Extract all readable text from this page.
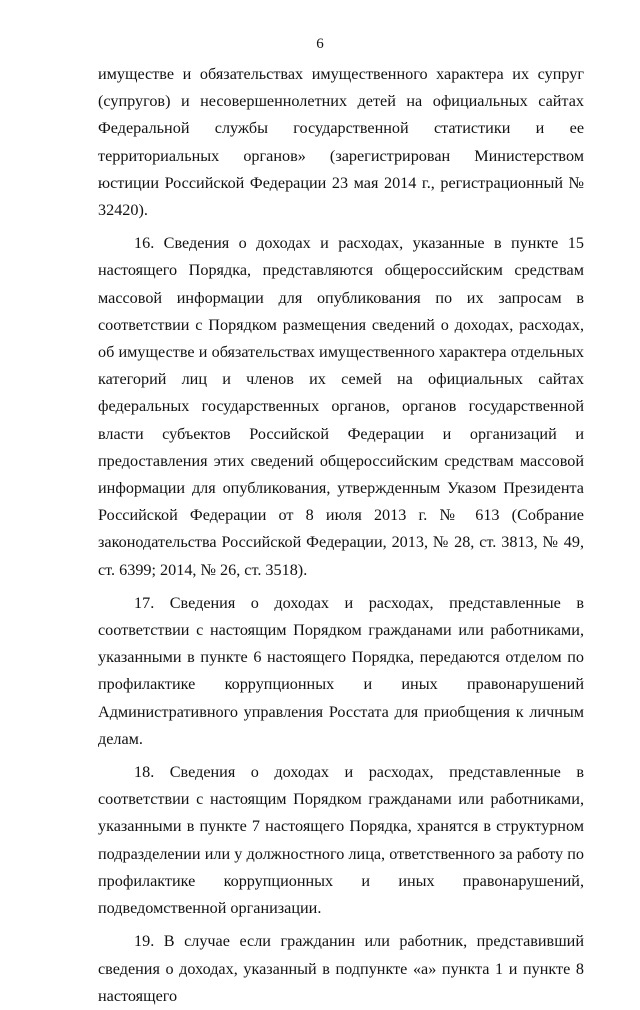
6

имуществе и обязательствах имущественного характера их супруг (супругов) и несовершеннолетних детей на официальных сайтах Федеральной службы государственной статистики и ее территориальных органов» (зарегистрирован Министерством юстиции Российской Федерации 23 мая 2014 г., регистрационный № 32420).

16. Сведения о доходах и расходах, указанные в пункте 15 настоящего Порядка, представляются общероссийским средствам массовой информации для опубликования по их запросам в соответствии с Порядком размещения сведений о доходах, расходах, об имуществе и обязательствах имущественного характера отдельных категорий лиц и членов их семей на официальных сайтах федеральных государственных органов, органов государственной власти субъектов Российской Федерации и организаций и предоставления этих сведений общероссийским средствам массовой информации для опубликования, утвержденным Указом Президента Российской Федерации от 8 июля 2013 г. № 613 (Собрание законодательства Российской Федерации, 2013, № 28, ст. 3813, № 49, ст. 6399; 2014, № 26, ст. 3518).

17. Сведения о доходах и расходах, представленные в соответствии с настоящим Порядком гражданами или работниками, указанными в пункте 6 настоящего Порядка, передаются отделом по профилактике коррупционных и иных правонарушений Административного управления Росстата для приобщения к личным делам.

18. Сведения о доходах и расходах, представленные в соответствии с настоящим Порядком гражданами или работниками, указанными в пункте 7 настоящего Порядка, хранятся в структурном подразделении или у должностного лица, ответственного за работу по профилактике коррупционных и иных правонарушений, подведомственной организации.

19. В случае если гражданин или работник, представивший сведения о доходах, указанный в подпункте «а» пункта 1 и пункте 8 настоящего
